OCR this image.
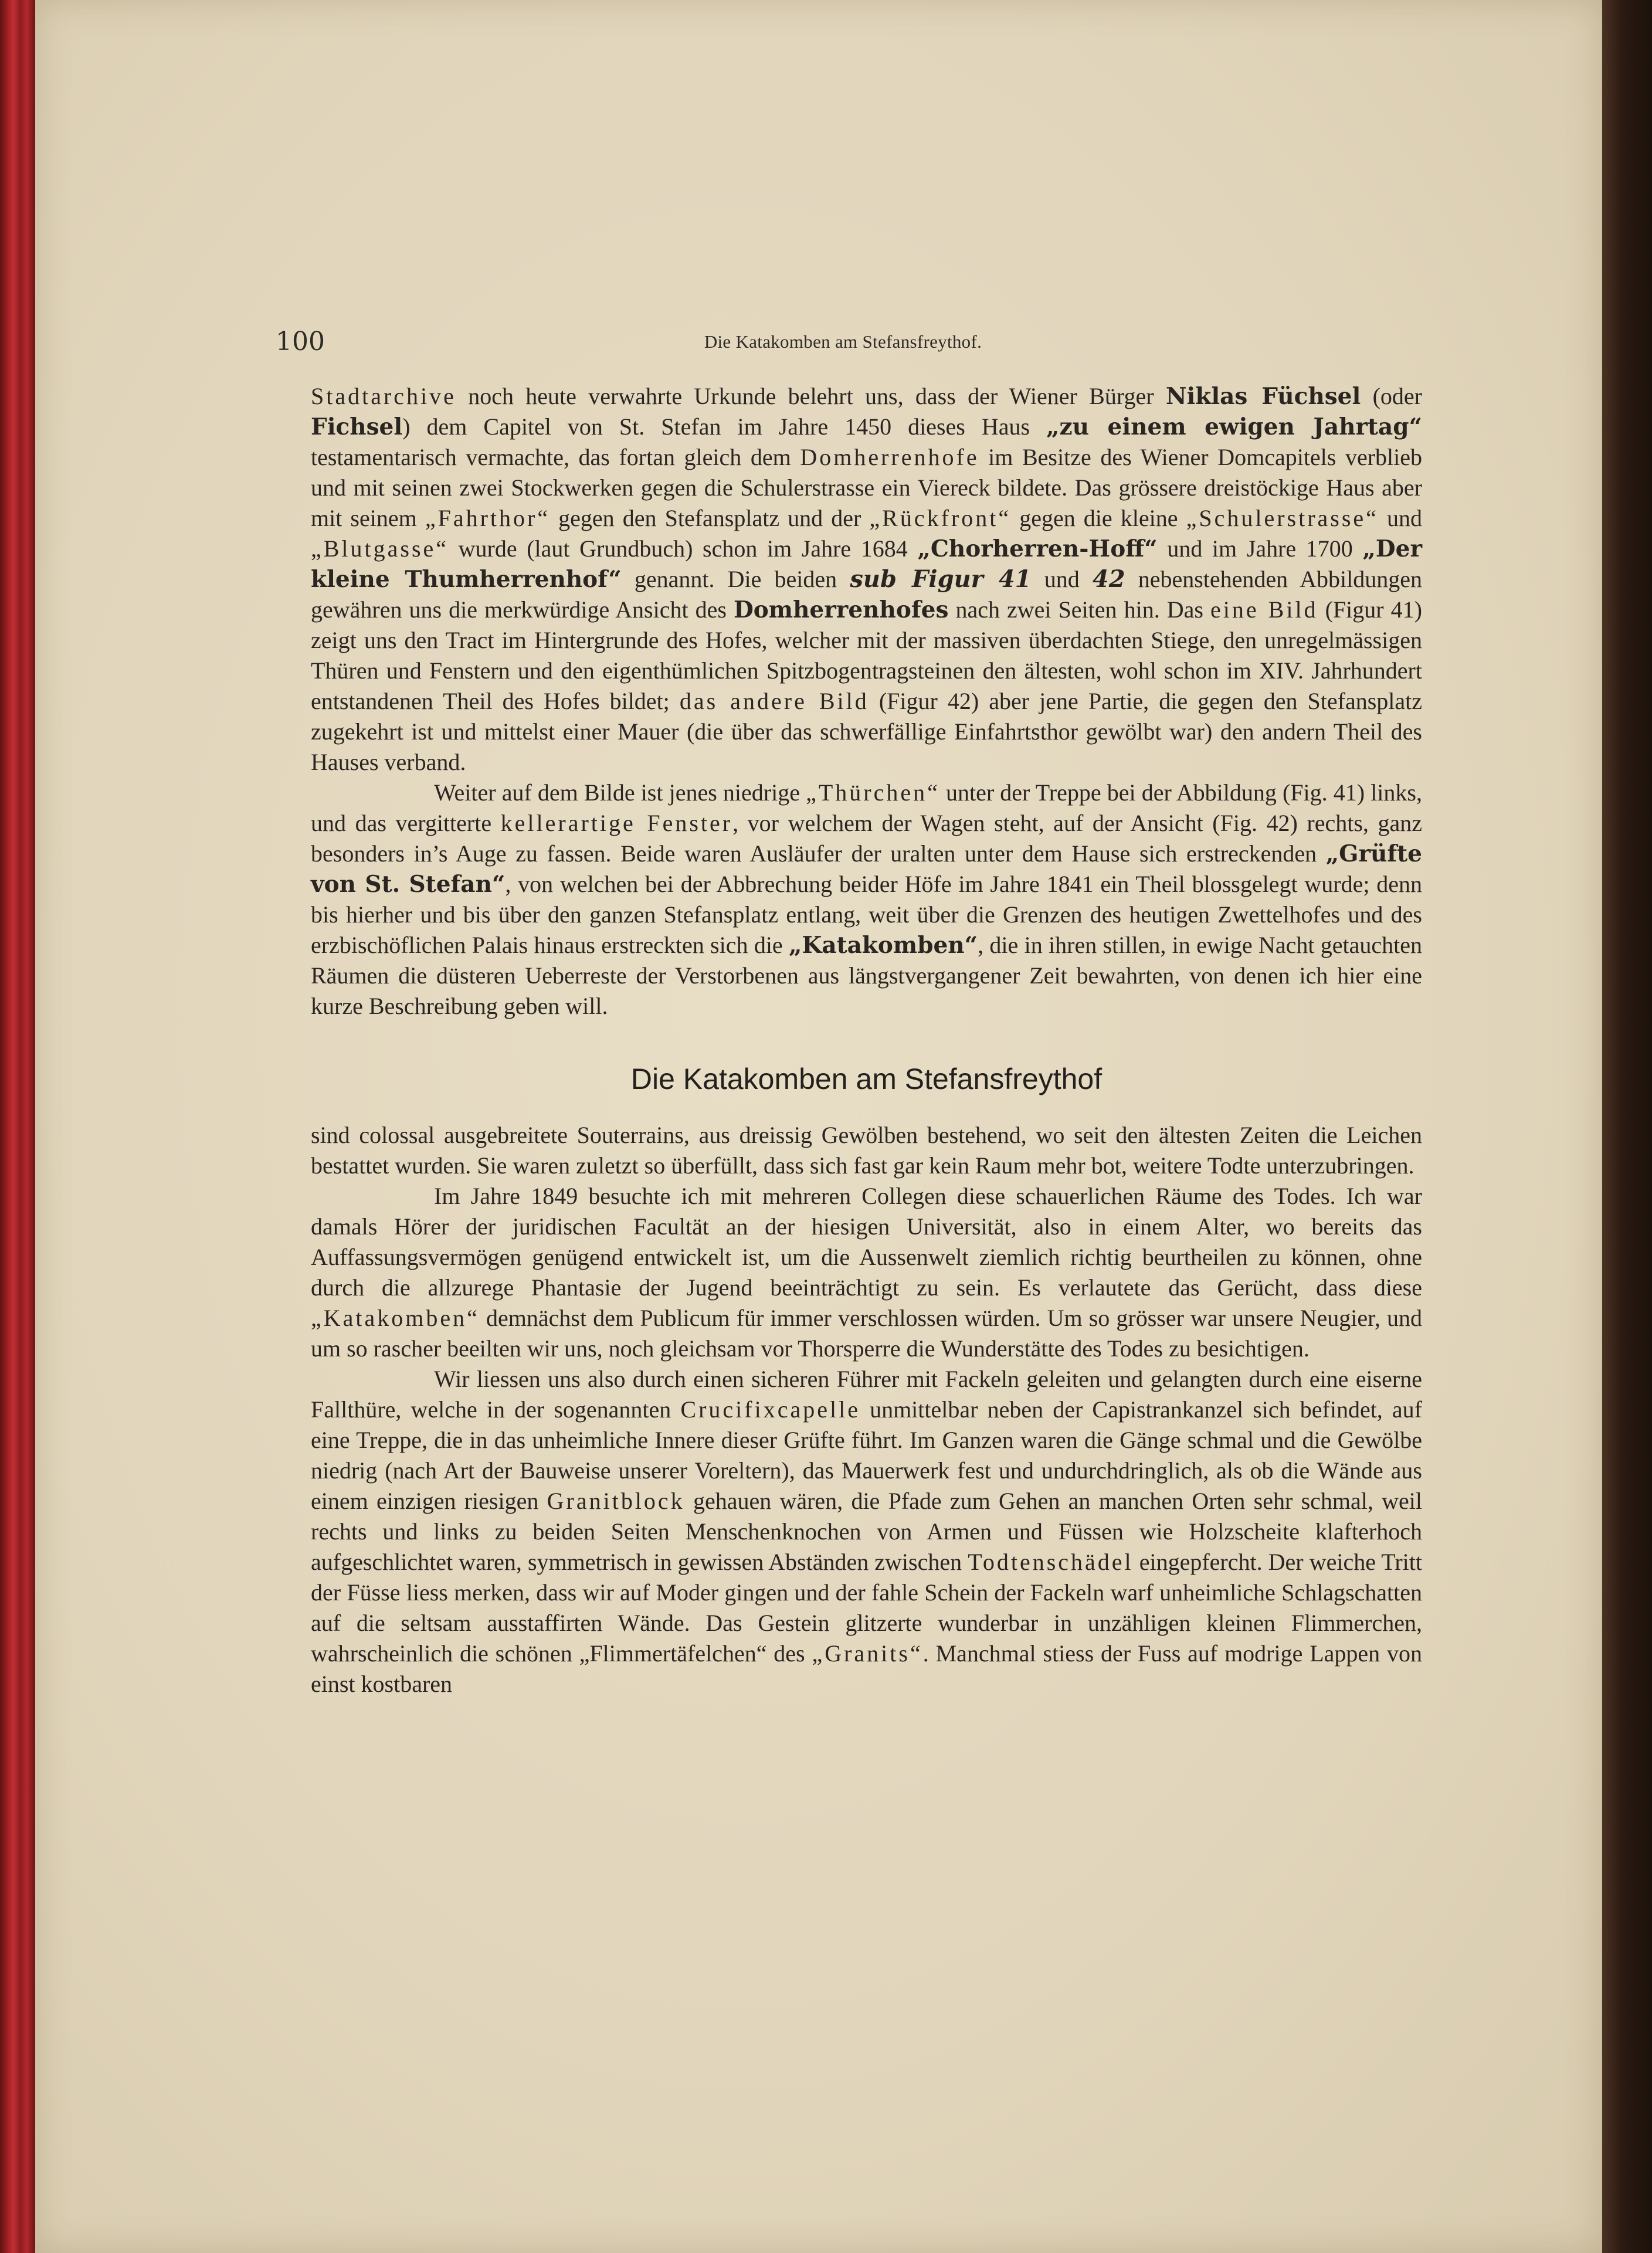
100	Die Katakomben am Stefansfreythof.

Stadtarchive noch heute verwahrte Urkunde belehrt uns, dass der Wiener Bürger Niklas Füchsel (oder Fichsel) dem Capitel von St. Stefan im Jahre 1450 dieses Haus „zu einem ewigen Jahrtag“ testamentarisch vermachte, das fortan gleich dem Domherrenhofe im Besitze des Wiener Domcapitels verblieb und mit seinen zwei Stockwerken gegen die Schulerstrasse ein Viereck bildete. Das grössere dreistöckige Haus aber mit seinem „Fahrthor“ gegen den Stefansplatz und der „Rückfront“ gegen die kleine „Schulerstrasse“ und „Blutgasse“ wurde (laut Grundbuch) schon im Jahre 1684 „Chorherren-Hoff“ und im Jahre 1700 „Der kleine Thumherrenhof“ genannt. Die beiden sub Figur 41 und 42 nebenstehenden Abbildungen gewähren uns die merkwürdige Ansicht des Domherrenhofes nach zwei Seiten hin. Das eine Bild (Figur 41) zeigt uns den Tract im Hintergrunde des Hofes, welcher mit der massiven überdachten Stiege, den unregelmässigen Thüren und Fenstern und den eigenthümlichen Spitzbogentragsteinen den ältesten, wohl schon im XIV. Jahrhundert entstandenen Theil des Hofes bildet; das andere Bild (Figur 42) aber jene Partie, die gegen den Stefansplatz zugekehrt ist und mittelst einer Mauer (die über das schwerfällige Einfahrtsthor gewölbt war) den andern Theil des Hauses verband.

Weiter auf dem Bilde ist jenes niedrige „Thürchen“ unter der Treppe bei der Abbildung (Fig. 41) links, und das vergitterte kellerartige Fenster, vor welchem der Wagen steht, auf der Ansicht (Fig. 42) rechts, ganz besonders in’s Auge zu fassen. Beide waren Ausläufer der uralten unter dem Hause sich erstreckenden „Grüfte von St. Stefan“, von welchen bei der Abbrechung beider Höfe im Jahre 1841 ein Theil blossgelegt wurde; denn bis hierher und bis über den ganzen Stefansplatz entlang, weit über die Grenzen des heutigen Zwettelhofes und des erzbischöflichen Palais hinaus erstreckten sich die „Katakomben“, die in ihren stillen, in ewige Nacht getauchten Räumen die düsteren Ueberreste der Verstorbenen aus längstvergangener Zeit bewahrten, von denen ich hier eine kurze Beschreibung geben will.

Die Katakomben am Stefansfreythof

sind colossal ausgebreitete Souterrains, aus dreissig Gewölben bestehend, wo seit den ältesten Zeiten die Leichen bestattet wurden. Sie waren zuletzt so überfüllt, dass sich fast gar kein Raum mehr bot, weitere Todte unterzubringen.

Im Jahre 1849 besuchte ich mit mehreren Collegen diese schauerlichen Räume des Todes. Ich war damals Hörer der juridischen Facultät an der hiesigen Universität, also in einem Alter, wo bereits das Auffassungsvermögen genügend entwickelt ist, um die Aussenwelt ziemlich richtig beurtheilen zu können, ohne durch die allzurege Phantasie der Jugend beeinträchtigt zu sein. Es verlautete das Gerücht, dass diese „Katakomben“ demnächst dem Publicum für immer verschlossen würden. Um so grösser war unsere Neugier, und um so rascher beeilten wir uns, noch gleichsam vor Thorsperre die Wunderstätte des Todes zu besichtigen.

Wir liessen uns also durch einen sicheren Führer mit Fackeln geleiten und gelangten durch eine eiserne Fallthüre, welche in der sogenannten Crucifixcapelle unmittelbar neben der Capistrankanzel sich befindet, auf eine Treppe, die in das unheimliche Innere dieser Grüfte führt. Im Ganzen waren die Gänge schmal und die Gewölbe niedrig (nach Art der Bauweise unserer Voreltern), das Mauerwerk fest und undurchdringlich, als ob die Wände aus einem einzigen riesigen Granitblock gehauen wären, die Pfade zum Gehen an manchen Orten sehr schmal, weil rechts und links zu beiden Seiten Menschenknochen von Armen und Füssen wie Holzscheite klafterhoch aufgeschlichtet waren, symmetrisch in gewissen Abständen zwischen Todtenschädel eingepfercht. Der weiche Tritt der Füsse liess merken, dass wir auf Moder gingen und der fahle Schein der Fackeln warf unheimliche Schlagschatten auf die seltsam ausstaffirten Wände. Das Gestein glitzerte wunderbar in unzähligen kleinen Flimmerchen, wahrscheinlich die schönen „Flimmertäfelchen“ des „Granits“. Manchmal stiess der Fuss auf modrige Lappen von einst kostbaren
